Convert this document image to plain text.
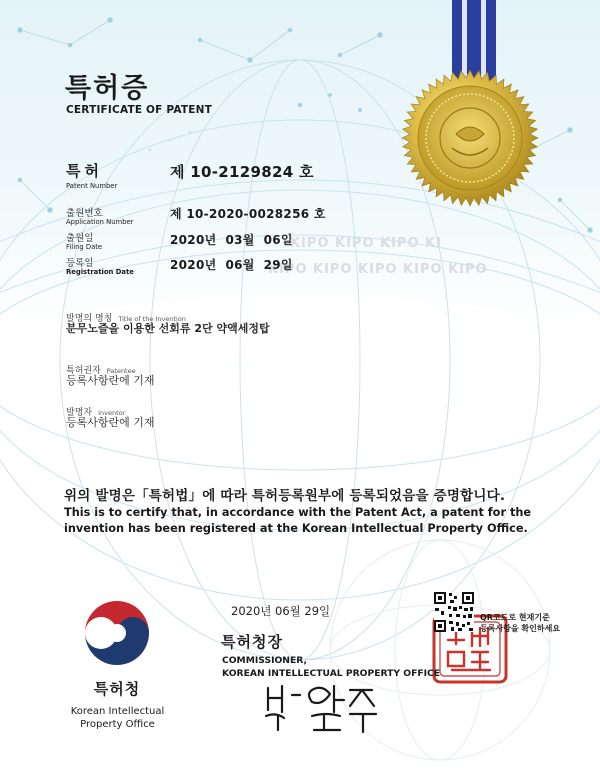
특허증
CERTIFICATE OF PATENT
특허
Patent Number
제 10-2129824 호
출원번호
Application Number
제 10-2020-0028256 호
KIPO KIPO KIPO KI
KIPO KIPO KIPO KIPO KIPO
출원일
Filing Date	2020년  03월  06일
등록일
Registration Date	2020년  06월  29일
발명의 명칭 Title of the Invention
분무노즐을 이용한 선회류 2단 약액세정탑
특허권자 Patentee
등록사항란에 기재
발명자 Inventor
등록사항란에 기재
위의 발명은「특허법」에 따라 특허등록원부에 등록되었음을 증명합니다.
This is to certify that, in accordance with the Patent Act, a patent for the invention has been registered at the Korean Intellectual Property Office.
2020년 06월 29일
특허청장
COMMISSIONER,
KOREAN INTELLECTUAL PROPERTY OFFICE
QR코드로 현재기준
등록사항을 확인하세요
특허청
Korean Intellectual Property Office
